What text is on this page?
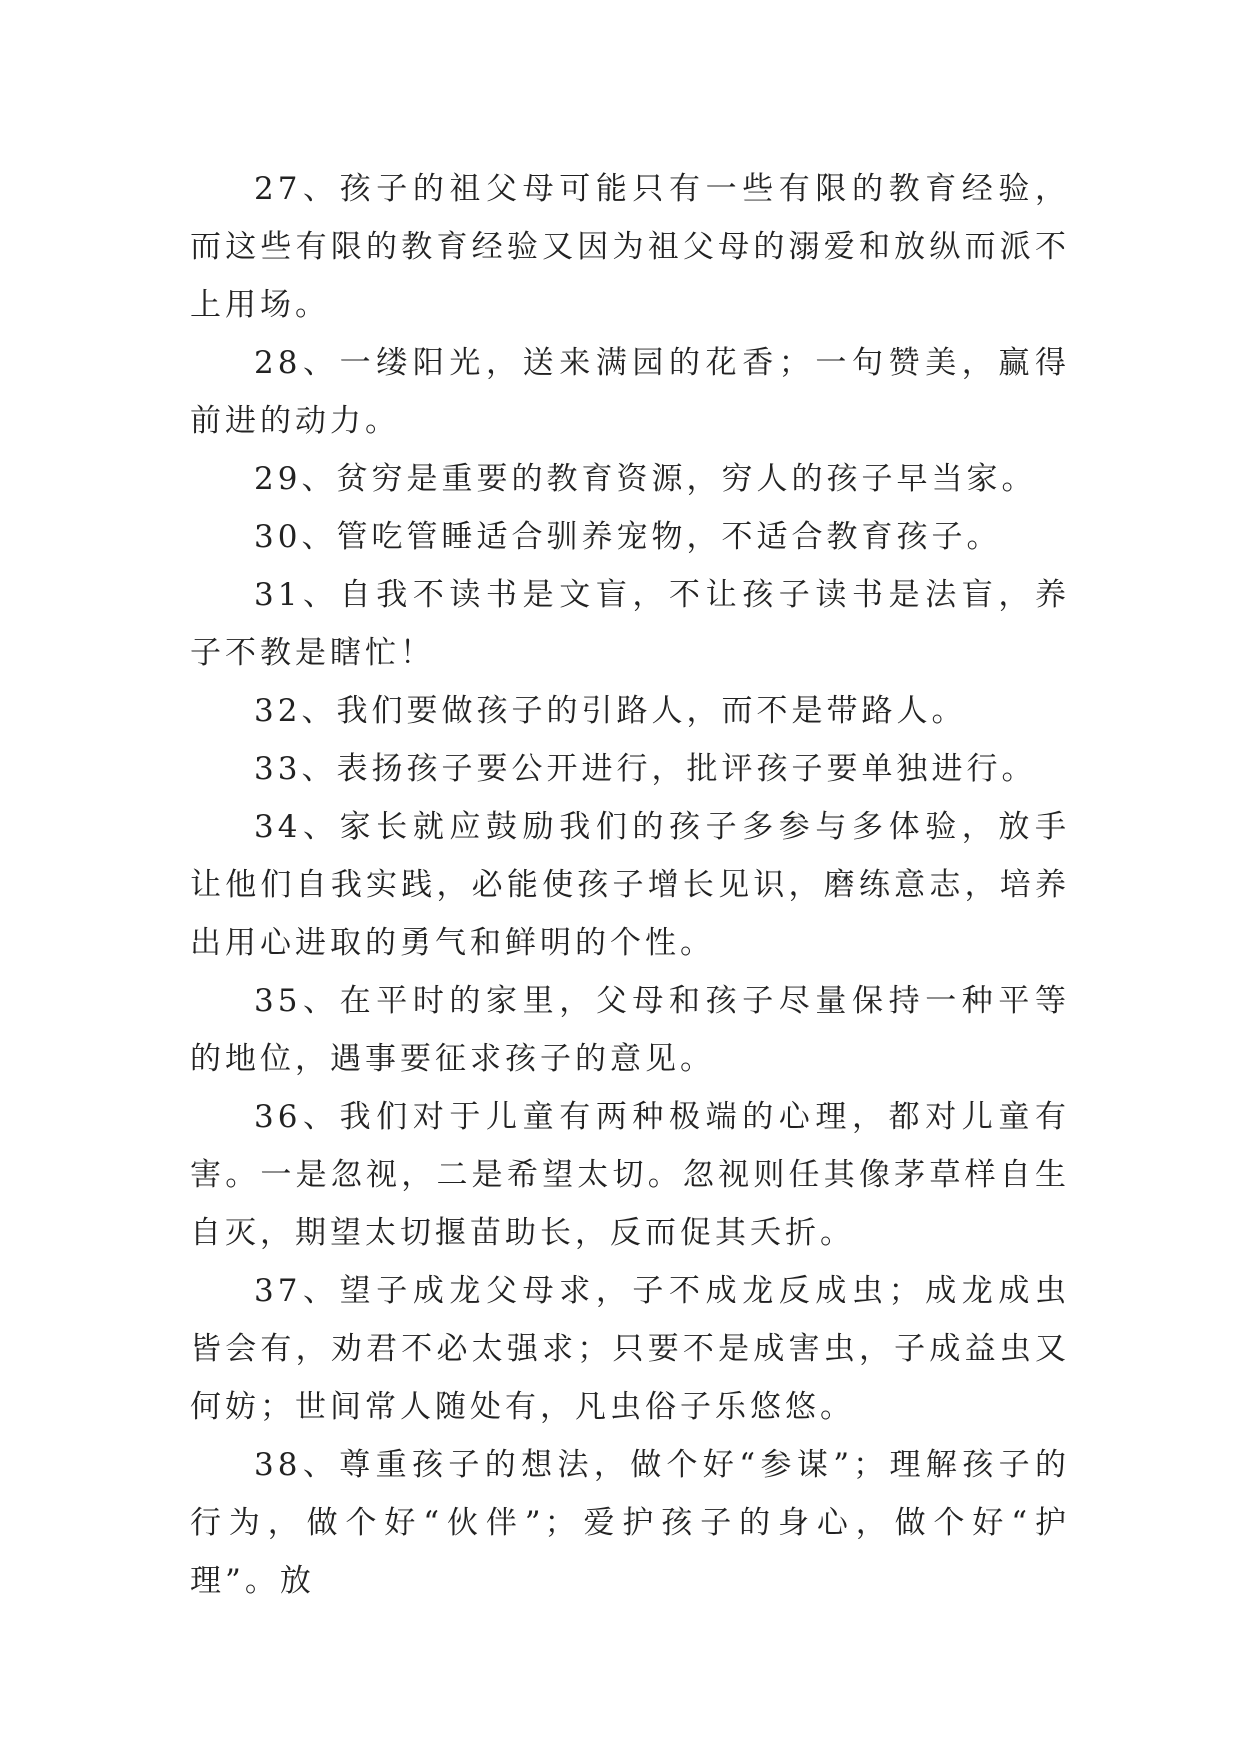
27、孩子的祖父母可能只有一些有限的教育经验，而这些有限的教育经验又因为祖父母的溺爱和放纵而派不上用场。

28、一缕阳光，送来满园的花香；一句赞美，赢得前进的动力。

29、贫穷是重要的教育资源，穷人的孩子早当家。

30、管吃管睡适合驯养宠物，不适合教育孩子。

31、自我不读书是文盲，不让孩子读书是法盲，养子不教是瞎忙！

32、我们要做孩子的引路人，而不是带路人。

33、表扬孩子要公开进行，批评孩子要单独进行。

34、家长就应鼓励我们的孩子多参与多体验，放手让他们自我实践，必能使孩子增长见识，磨练意志，培养出用心进取的勇气和鲜明的个性。

35、在平时的家里，父母和孩子尽量保持一种平等的地位，遇事要征求孩子的意见。

36、我们对于儿童有两种极端的心理，都对儿童有害。一是忽视，二是希望太切。忽视则任其像茅草样自生自灭，期望太切揠苗助长，反而促其夭折。

37、望子成龙父母求，子不成龙反成虫；成龙成虫皆会有，劝君不必太强求；只要不是成害虫，子成益虫又何妨；世间常人随处有，凡虫俗子乐悠悠。

38、尊重孩子的想法，做个好“参谋”；理解孩子的行为，做个好“伙伴”；爱护孩子的身心，做个好“护理”。放
